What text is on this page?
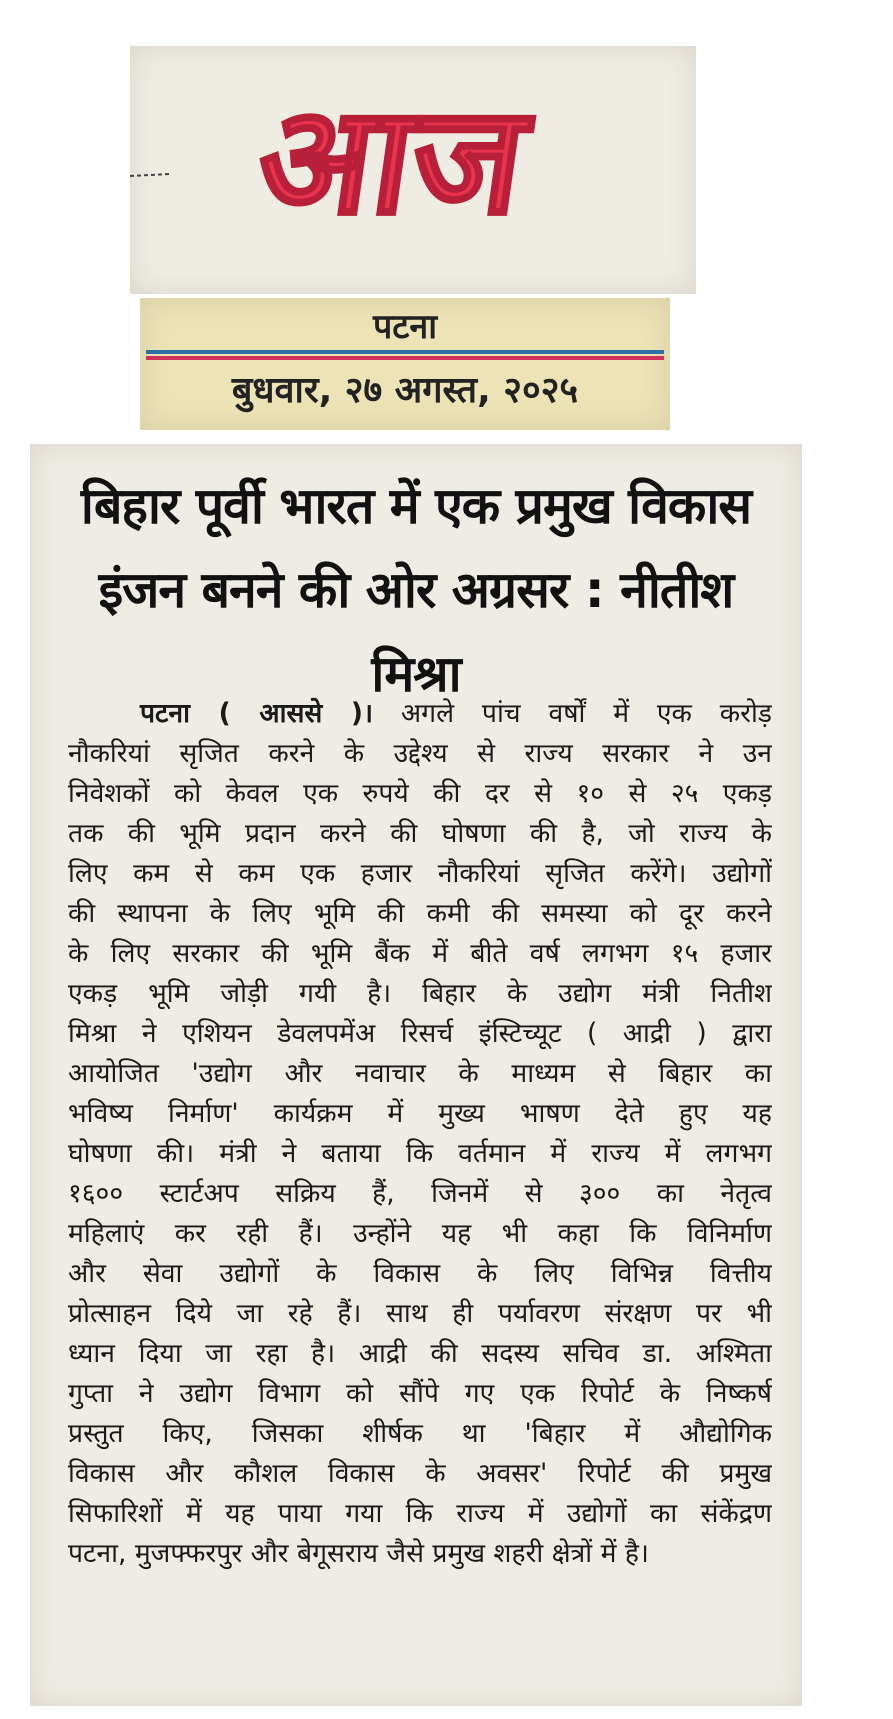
आज
पटना
बुधवार, २७ अगस्त, २०२५
बिहार पूर्वी भारत में एक प्रमुख विकास इंजन बनने की ओर अग्रसर : नीतीश मिश्रा
पटना ( आससे )। अगले पांच वर्षों में एक करोड़
नौकरियां सृजित करने के उद्देश्य से राज्य सरकार ने उन
निवेशकों को केवल एक रुपये की दर से १० से २५ एकड़
तक की भूमि प्रदान करने की घोषणा की है, जो राज्य के
लिए कम से कम एक हजार नौकरियां सृजित करेंगे। उद्योगों
की स्थापना के लिए भूमि की कमी की समस्या को दूर करने
के लिए सरकार की भूमि बैंक में बीते वर्ष लगभग १५ हजार
एकड़ भूमि जोड़ी गयी है। बिहार के उद्योग मंत्री नितीश
मिश्रा ने एशियन डेवलपमेंअ रिसर्च इंस्टिच्यूट ( आद्री ) द्वारा
आयोजित 'उद्योग और नवाचार के माध्यम से बिहार का
भविष्य निर्माण' कार्यक्रम में मुख्य भाषण देते हुए यह
घोषणा की। मंत्री ने बताया कि वर्तमान में राज्य में लगभग
१६०० स्टार्टअप सक्रिय हैं, जिनमें से ३०० का नेतृत्व
महिलाएं कर रही हैं। उन्होंने यह भी कहा कि विनिर्माण
और सेवा उद्योगों के विकास के लिए विभिन्न वित्तीय
प्रोत्साहन दिये जा रहे हैं। साथ ही पर्यावरण संरक्षण पर भी
ध्यान दिया जा रहा है। आद्री की सदस्य सचिव डा. अश्मिता
गुप्ता ने उद्योग विभाग को सौंपे गए एक रिपोर्ट के निष्कर्ष
प्रस्तुत किए, जिसका शीर्षक था 'बिहार में औद्योगिक
विकास और कौशल विकास के अवसर' रिपोर्ट की प्रमुख
सिफारिशों में यह पाया गया कि राज्य में उद्योगों का संकेंद्रण
पटना, मुजफ्फरपुर और बेगूसराय जैसे प्रमुख शहरी क्षेत्रों में है।
